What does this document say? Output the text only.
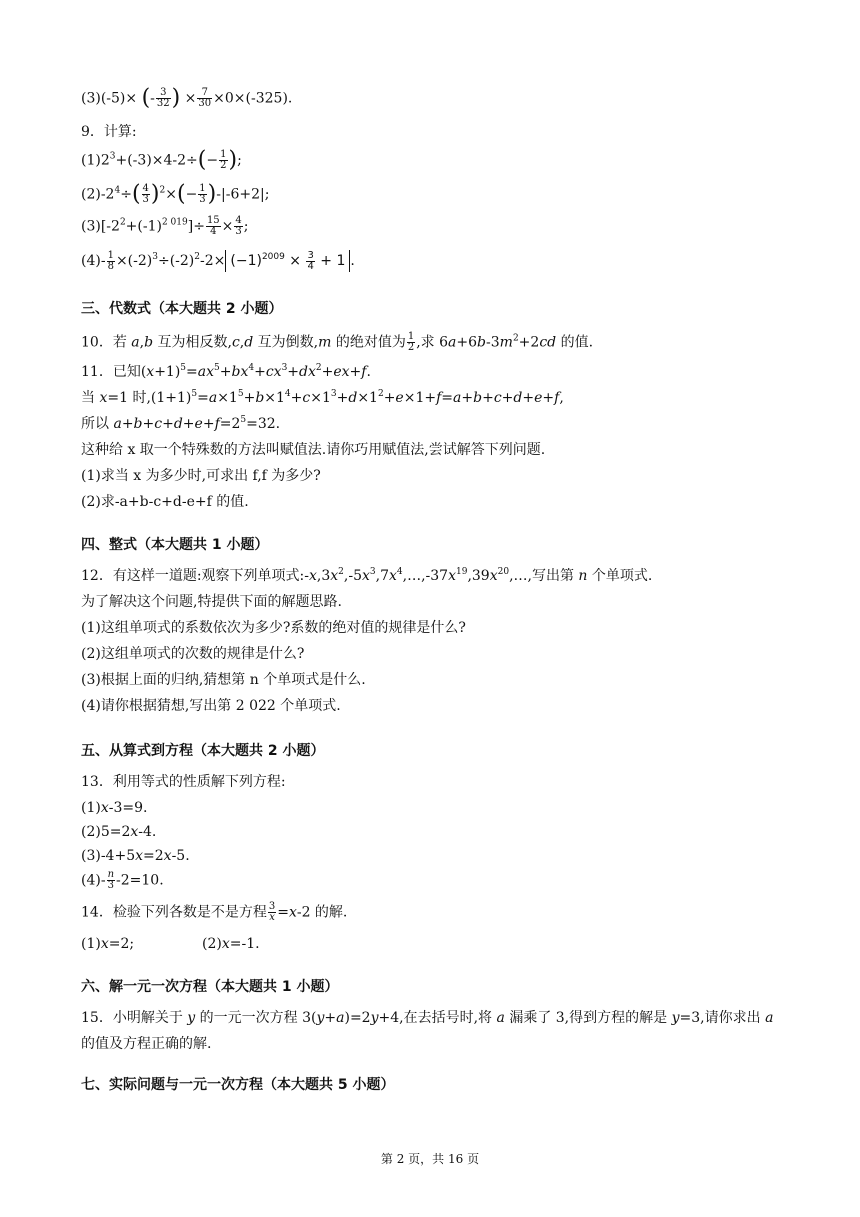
(3)(-5)× (- $\frac{3}{32}$ ) × $\frac{7}{30} \times 0\times(-325)$.
9．计算:
$(1)2^3+(-3)\times 4-2\div(- \frac{1}{2}$ );
$(2)-2^4\div( \frac{4}{3} )^2\times(- \frac{1}{3} )-|-6+2|$;
$(3)[-2^2+(-1)^{2 019}]\div \frac{15}{4} \times \frac{4}{3}$ ;
$(4)- \frac{1}{8} \times(-2)^3\div(-2)^2-2\times (-1)^{2009} \times \frac{3}{4} + 1$ .
三、代数式（本大题共 2 小题）
10．若 a,b 互为相反数,c,d 互为倒数,m 的绝对值为 $\frac{1}{2}$ ,求 $6a+6b-3m^2+2cd$ 的值.
11．已知$(x+1)^5=ax^5+bx^4+cx^3+dx^2+ex+f$.
当 x=1 时$,(1+1)^5=a\times 1^5+b\times 1^4+c\times 1^3+d\times 1^2+e\times 1+f=a+b+c+d+e+f$,
所以 $a+b+c+d+e+f=2^5=32$.
这种给 x 取一个特殊数的方法叫赋值法.请你巧用赋值法,尝试解答下列问题.
(1)求当 x 为多少时,可求出 f,f 为多少?
(2)求-a+b-c+d-e+f 的值.
四、整式（本大题共 1 小题）
12．有这样一道题:观察下列单项式$:-x,3x^2,-5x^3,7x^4,\dots,-37x^{19},39x^{20},\dots$,写出第 n 个单项式.
为了解决这个问题,特提供下面的解题思路.
(1)这组单项式的系数依次为多少?系数的绝对值的规律是什么?
(2)这组单项式的次数的规律是什么?
(3)根据上面的归纳,猜想第 n 个单项式是什么.
(4)请你根据猜想,写出第 2 022 个单项式.
五、从算式到方程（本大题共 2 小题）
13．利用等式的性质解下列方程:
(1)x-3=9.
(2)5=2x-4.
(3)-4+5x=2x-5.
$(4)- \frac{n}{3} -2=10$.
14．检验下列各数是不是方程 $\frac{3}{x} =x-2$ 的解.
(1)x=2;	(2)x=-1.
六、解一元一次方程（本大题共 1 小题）
15．小明解关于 y 的一元一次方程 3(y+a)=2y+4,在去括号时,将 a 漏乘了 3,得到方程的解是 y=3,请你求出 a
的值及方程正确的解.
七、实际问题与一元一次方程（本大题共 5 小题）
第 2 页，共 16 页
